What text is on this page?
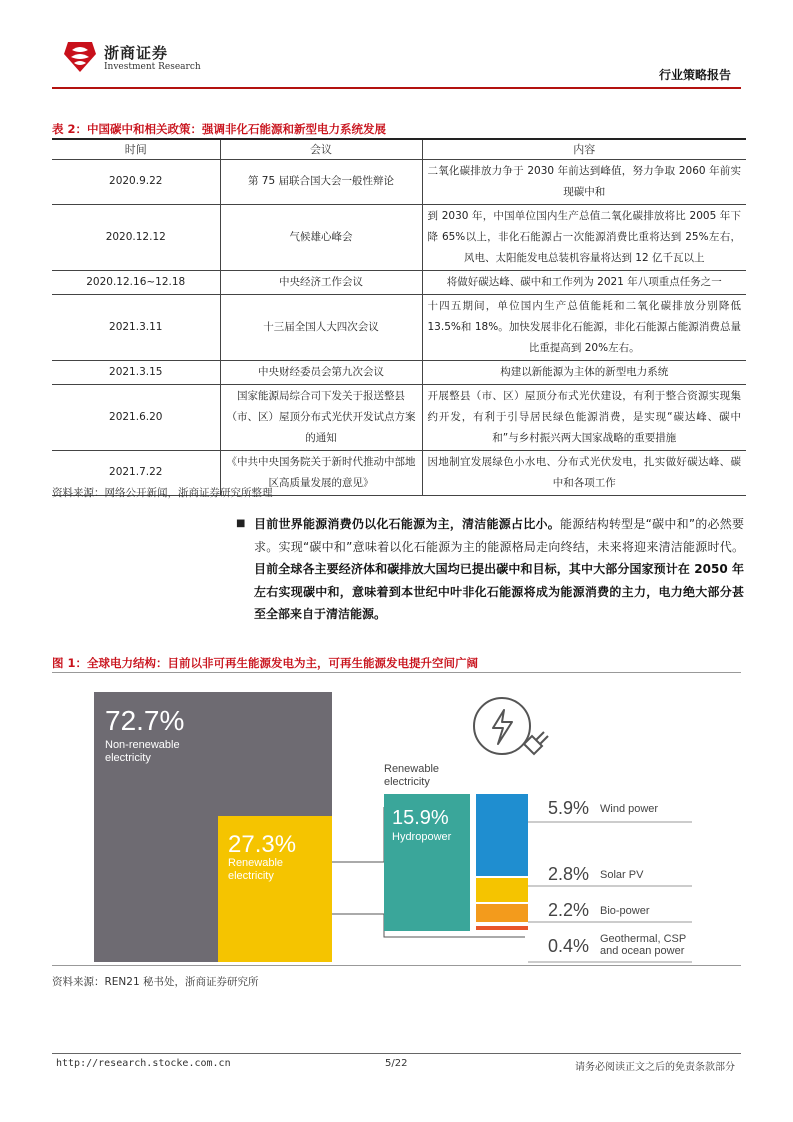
浙商证券
Investment Research
行业策略报告
表 2：中国碳中和相关政策：强调非化石能源和新型电力系统发展
时间	会议	内容
2020.9.22	第 75 届联合国大会一般性辩论	二氧化碳排放力争于 2030 年前达到峰值，努力争取 2060 年前实现碳中和
2020.12.12	气候雄心峰会	到 2030 年，中国单位国内生产总值二氧化碳排放将比 2005 年下降 65%以上，非化石能源占一次能源消费比重将达到 25%左右，风电、太阳能发电总装机容量将达到 12 亿千瓦以上
2020.12.16~12.18	中央经济工作会议	将做好碳达峰、碳中和工作列为 2021 年八项重点任务之一
2021.3.11	十三届全国人大四次会议	十四五期间，单位国内生产总值能耗和二氧化碳排放分别降低 13.5%和 18%。加快发展非化石能源，非化石能源占能源消费总量比重提高到 20%左右。
2021.3.15	中央财经委员会第九次会议	构建以新能源为主体的新型电力系统
2021.6.20	国家能源局综合司下发关于报送整县（市、区）屋顶分布式光伏开发试点方案的通知	开展整县（市、区）屋顶分布式光伏建设，有利于整合资源实现集约开发，有利于引导居民绿色能源消费，是实现“碳达峰、碳中和”与乡村振兴两大国家战略的重要措施
2021.7.22	《中共中央国务院关于新时代推动中部地区高质量发展的意见》	因地制宜发展绿色小水电、分布式光伏发电，扎实做好碳达峰、碳中和各项工作
资料来源：网络公开新闻，浙商证券研究所整理
■ 目前世界能源消费仍以化石能源为主，清洁能源占比小。能源结构转型是“碳中和”的必然要求。实现“碳中和”意味着以化石能源为主的能源格局走向终结，未来将迎来清洁能源时代。目前全球各主要经济体和碳排放大国均已提出碳中和目标，其中大部分国家预计在 2050 年左右实现碳中和，意味着到本世纪中叶非化石能源将成为能源消费的主力，电力绝大部分甚至全部来自于清洁能源。
图 1：全球电力结构：目前以非可再生能源发电为主，可再生能源发电提升空间广阔
72.7%
Non-renewable
electricity
27.3%
Renewable
electricity
Renewable
electricity
15.9%
Hydropower
5.9% Wind power
2.8% Solar PV
2.2% Bio-power
0.4% Geothermal, CSP
and ocean power
资料来源：REN21 秘书处，浙商证券研究所
http://research.stocke.com.cn	5/22	请务必阅读正文之后的免责条款部分
